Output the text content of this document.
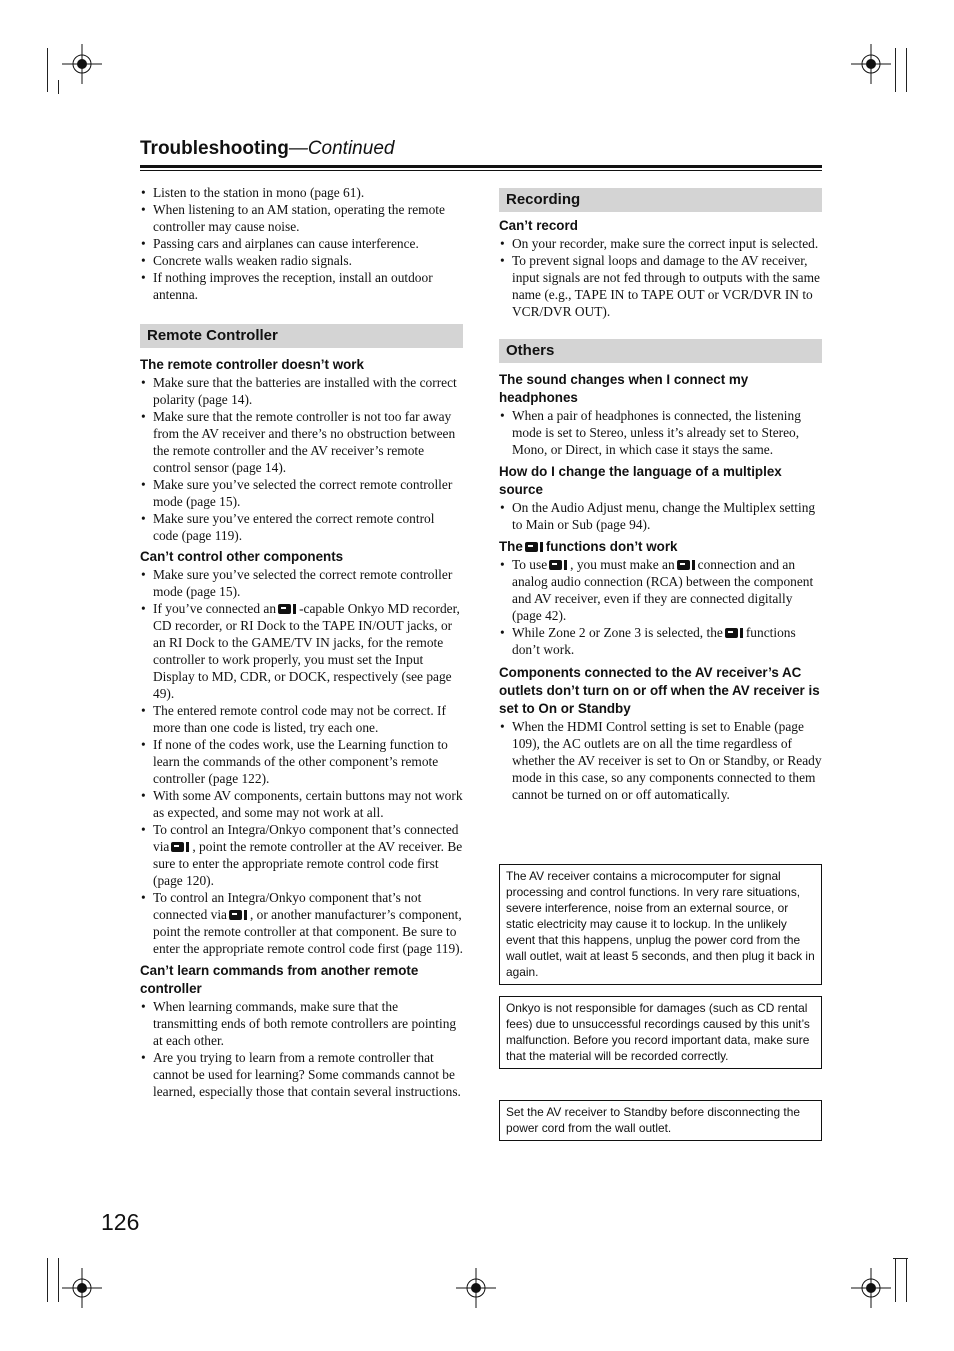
Troubleshooting—Continued
• Listen to the station in mono (page 61).
• When listening to an AM station, operating the remote controller may cause noise.
• Passing cars and airplanes can cause interference.
• Concrete walls weaken radio signals.
• If nothing improves the reception, install an outdoor antenna.
Remote Controller
The remote controller doesn’t work
• Make sure that the batteries are installed with the correct polarity (page 14).
• Make sure that the remote controller is not too far away from the AV receiver and there’s no obstruction between the remote controller and the AV receiver’s remote control sensor (page 14).
• Make sure you’ve selected the correct remote controller mode (page 15).
• Make sure you’ve entered the correct remote control code (page 119).
Can’t control other components
• Make sure you’ve selected the correct remote controller mode (page 15).
• If you’ve connected an -capable Onkyo MD recorder, CD recorder, or RI Dock to the TAPE IN/OUT jacks, or an RI Dock to the GAME/TV IN jacks, for the remote controller to work properly, you must set the Input Display to MD, CDR, or DOCK, respectively (see page 49).
• The entered remote control code may not be correct. If more than one code is listed, try each one.
• If none of the codes work, use the Learning function to learn the commands of the other component’s remote controller (page 122).
• With some AV components, certain buttons may not work as expected, and some may not work at all.
• To control an Integra/Onkyo component that’s connected via , point the remote controller at the AV receiver. Be sure to enter the appropriate remote control code first (page 120).
• To control an Integra/Onkyo component that’s not connected via , or another manufacturer’s component, point the remote controller at that component. Be sure to enter the appropriate remote control code first (page 119).
Can’t learn commands from another remote controller
• When learning commands, make sure that the transmitting ends of both remote controllers are pointing at each other.
• Are you trying to learn from a remote controller that cannot be used for learning? Some commands cannot be learned, especially those that contain several instructions.
Recording
Can’t record
• On your recorder, make sure the correct input is selected.
• To prevent signal loops and damage to the AV receiver, input signals are not fed through to outputs with the same name (e.g., TAPE IN to TAPE OUT or VCR/DVR IN to VCR/DVR OUT).
Others
The sound changes when I connect my headphones
• When a pair of headphones is connected, the listening mode is set to Stereo, unless it’s already set to Stereo, Mono, or Direct, in which case it stays the same.
How do I change the language of a multiplex source
• On the Audio Adjust menu, change the Multiplex setting to Main or Sub (page 94).
The functions don’t work
• To use , you must make an connection and an analog audio connection (RCA) between the component and AV receiver, even if they are connected digitally (page 42).
• While Zone 2 or Zone 3 is selected, the functions don’t work.
Components connected to the AV receiver’s AC outlets don’t turn on or off when the AV receiver is set to On or Standby
• When the HDMI Control setting is set to Enable (page 109), the AC outlets are on all the time regardless of whether the AV receiver is set to On or Standby, or Ready mode in this case, so any components connected to them cannot be turned on or off automatically.
The AV receiver contains a microcomputer for signal processing and control functions. In very rare situations, severe interference, noise from an external source, or static electricity may cause it to lockup. In the unlikely event that this happens, unplug the power cord from the wall outlet, wait at least 5 seconds, and then plug it back in again.
Onkyo is not responsible for damages (such as CD rental fees) due to unsuccessful recordings caused by this unit’s malfunction. Before you record important data, make sure that the material will be recorded correctly.
Set the AV receiver to Standby before disconnecting the power cord from the wall outlet.
126
